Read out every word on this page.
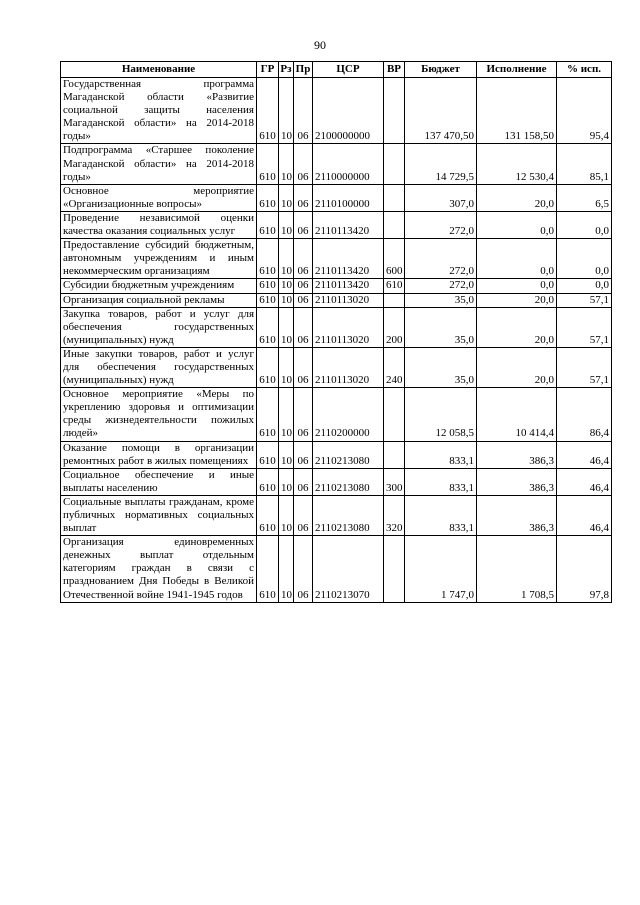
90
Наименование	ГР	Рз	Пр	ЦСР	ВР	Бюджет	Исполнение	% исп.
Государственная программа Магаданской области «Развитие социальной защиты населения Магаданской области» на 2014-2018 годы»	610	10	06	2100000000		137 470,50	131 158,50	95,4
Подпрограмма «Старшее поколение Магаданской области» на 2014-2018 годы»	610	10	06	2110000000		14 729,5	12 530,4	85,1
Основное мероприятие «Организационные вопросы»	610	10	06	2110100000		307,0	20,0	6,5
Проведение независимой оценки качества оказания социальных услуг	610	10	06	2110113420		272,0	0,0	0,0
Предоставление субсидий бюджетным, автономным учреждениям и иным некоммерческим организациям	610	10	06	2110113420	600	272,0	0,0	0,0
Субсидии бюджетным учреждениям	610	10	06	2110113420	610	272,0	0,0	0,0
Организация социальной рекламы	610	10	06	2110113020		35,0	20,0	57,1
Закупка товаров, работ и услуг для обеспечения государственных (муниципальных) нужд	610	10	06	2110113020	200	35,0	20,0	57,1
Иные закупки товаров, работ и услуг для обеспечения государственных (муниципальных) нужд	610	10	06	2110113020	240	35,0	20,0	57,1
Основное мероприятие «Меры по укреплению здоровья и оптимизации среды жизнедеятельности пожилых людей»	610	10	06	2110200000		12 058,5	10 414,4	86,4
Оказание помощи в организации ремонтных работ в жилых помещениях	610	10	06	2110213080		833,1	386,3	46,4
Социальное обеспечение и иные выплаты населению	610	10	06	2110213080	300	833,1	386,3	46,4
Социальные выплаты гражданам, кроме публичных нормативных социальных выплат	610	10	06	2110213080	320	833,1	386,3	46,4
Организация единовременных денежных выплат отдельным категориям граждан в связи с празднованием Дня Победы в Великой Отечественной войне 1941-1945 годов	610	10	06	2110213070		1 747,0	1 708,5	97,8
